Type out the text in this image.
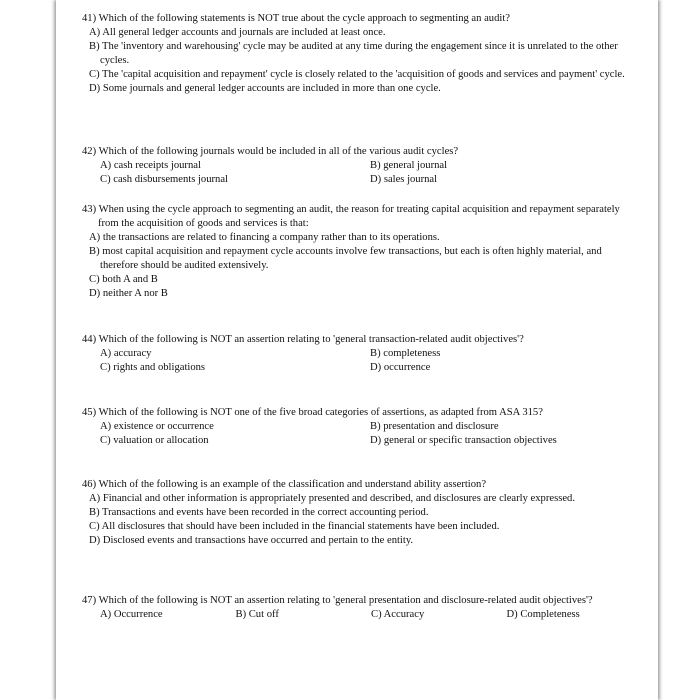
41) Which of the following statements is NOT true about the cycle approach to segmenting an audit?

A) All general ledger accounts and journals are included at least once.

B) The 'inventory and warehousing' cycle may be audited at any time during the engagement since it is unrelated to the other cycles.

C) The 'capital acquisition and repayment' cycle is closely related to the 'acquisition of goods and services and payment' cycle.

D) Some journals and general ledger accounts are included in more than one cycle.

42) Which of the following journals would be included in all of the various audit cycles?

A) cash receipts journal	B) general journal
C) cash disbursements journal	D) sales journal

43) When using the cycle approach to segmenting an audit, the reason for treating capital acquisition and repayment separately from the acquisition of goods and services is that:

A) the transactions are related to financing a company rather than to its operations.

B) most capital acquisition and repayment cycle accounts involve few transactions, but each is often highly material, and therefore should be audited extensively.

C) both A and B

D) neither A nor B

44) Which of the following is NOT an assertion relating to 'general transaction-related audit objectives'?

A) accuracy	B) completeness
C) rights and obligations	D) occurrence

45) Which of the following is NOT one of the five broad categories of assertions, as adapted from ASA 315?

A) existence or occurrence	B) presentation and disclosure
C) valuation or allocation	D) general or specific transaction objectives

46) Which of the following is an example of the classification and understand ability assertion?

A) Financial and other information is appropriately presented and described, and disclosures are clearly expressed.

B) Transactions and events have been recorded in the correct accounting period.

C) All disclosures that should have been included in the financial statements have been included.

D) Disclosed events and transactions have occurred and pertain to the entity.

47) Which of the following is NOT an assertion relating to 'general presentation and disclosure-related audit objectives'?

A) Occurrence	B) Cut off	C) Accuracy	D) Completeness
